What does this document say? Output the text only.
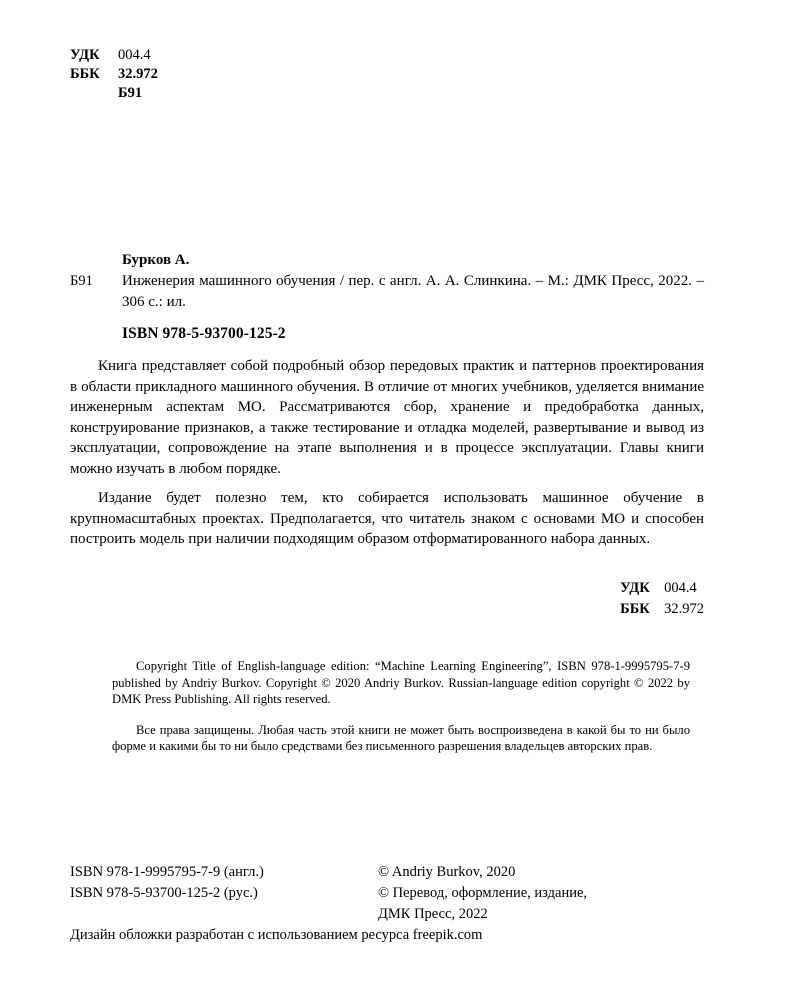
УДК	004.4
ББК	32.972
Б91
Бурков А.
Б91 Инженерия машинного обучения / пер. с англ. А. А. Слинкина. – М.: ДМК Пресс, 2022. – 306 с.: ил.
ISBN 978-5-93700-125-2
Книга представляет собой подробный обзор передовых практик и паттернов проектирования в области прикладного машинного обучения. В отличие от многих учебников, уделяется внимание инженерным аспектам МО. Рассматриваются сбор, хранение и предобработка данных, конструирование признаков, а также тестирование и отладка моделей, развертывание и вывод из эксплуатации, сопровождение на этапе выполнения и в процессе эксплуатации. Главы книги можно изучать в любом порядке.
Издание будет полезно тем, кто собирается использовать машинное обучение в крупномасштабных проектах. Предполагается, что читатель знаком с основами МО и способен построить модель при наличии подходящим образом отформатированного набора данных.
УДК 004.4
ББК 32.972
Copyright Title of English-language edition: “Machine Learning Engineering”, ISBN 978-1-9995795-7-9 published by Andriy Burkov. Copyright © 2020 Andriy Burkov. Russian-language edition copyright © 2022 by DMK Press Publishing. All rights reserved.
Все права защищены. Любая часть этой книги не может быть воспроизведена в какой бы то ни было форме и какими бы то ни было средствами без письменного разрешения владельцев авторских прав.
ISBN 978-1-9995795-7-9 (англ.)	© Andriy Burkov, 2020
ISBN 978-5-93700-125-2 (рус.)	© Перевод, оформление, издание,
ДМК Пресс, 2022
Дизайн обложки разработан с использованием ресурса freepik.com
